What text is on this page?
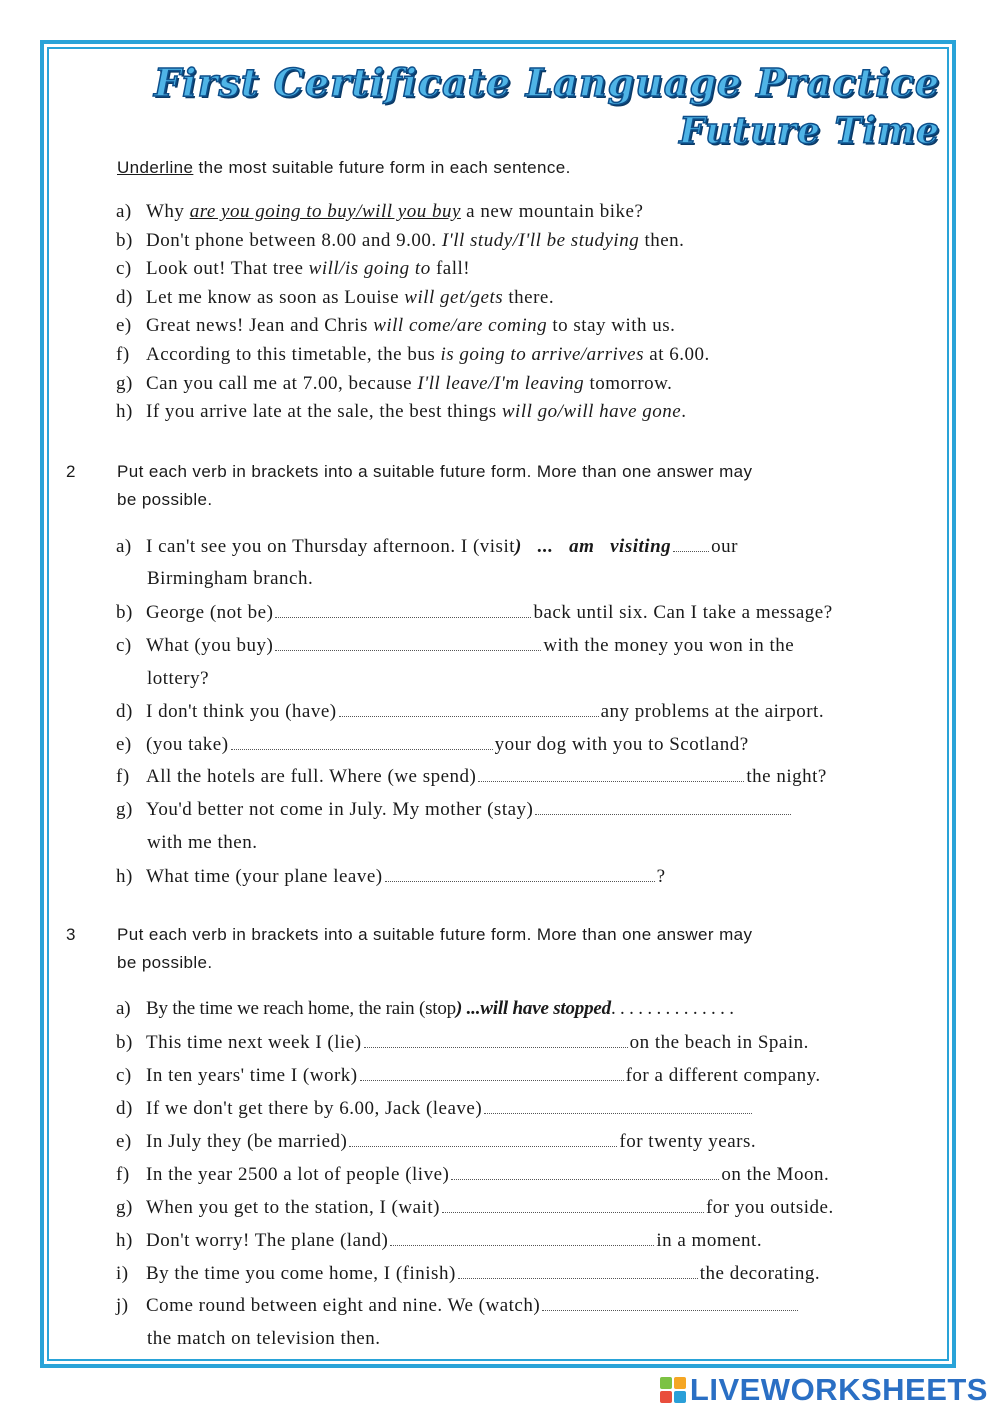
First Certificate Language Practice
Future Time
Underline the most suitable future form in each sentence.
a) Why are you going to buy/will you buy a new mountain bike?
b) Don't phone between 8.00 and 9.00. I'll study/I'll be studying then.
c) Look out! That tree will/is going to fall!
d) Let me know as soon as Louise will get/gets there.
e) Great news! Jean and Chris will come/are coming to stay with us.
f) According to this timetable, the bus is going to arrive/arrives at 6.00.
g) Can you call me at 7.00, because I'll leave/I'm leaving tomorrow.
h) If you arrive late at the sale, the best things will go/will have gone.
2 Put each verb in brackets into a suitable future form. More than one answer may
be possible.
a) I can't see you on Thursday afternoon. I (visit)   ...   am   visiting our
Birmingham branch.
b) George (not be)	back until six. Can I take a message?
c) What (you buy)	with the money you won in the
lottery?
d) I don't think you (have)	any problems at the airport.
e) (you take)	your dog with you to Scotland?
f) All the hotels are full. Where (we spend)	the night?
g) You'd better not come in July. My mother (stay)
with me then.
h) What time (your plane leave)	?
3 Put each verb in brackets into a suitable future form. More than one answer may
be possible.
a) By the time we reach home, the rain (stop) ...will have stopped. . . . . . . . . . . . . .
b) This time next week I (lie)	on the beach in Spain.
c) In ten years' time I (work)	for a different company.
d) If we don't get there by 6.00, Jack (leave)
e) In July they (be married)	for twenty years.
f) In the year 2500 a lot of people (live)	on the Moon.
g) When you get to the station, I (wait)	for you outside.
h) Don't worry! The plane (land)	in a moment.
i) By the time you come home, I (finish)	the decorating.
j) Come round between eight and nine. We (watch)
the match on television then.
LIVEWORKSHEETS
